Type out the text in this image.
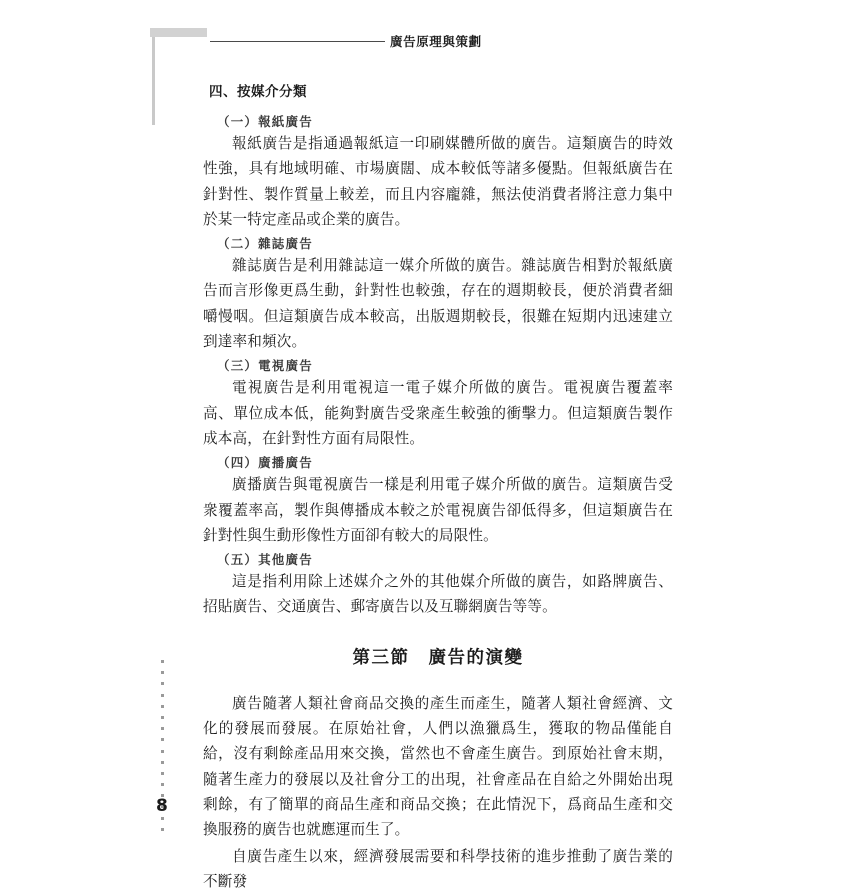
廣告原理與策劃
四、按媒介分類
（一）報紙廣告

報紙廣告是指通過報紙這一印刷媒體所做的廣告。這類廣告的時效性強，具有地域明確、市場廣闊、成本較低等諸多優點。但報紙廣告在針對性、製作質量上較差，而且内容龐雜，無法使消費者將注意力集中於某一特定產品或企業的廣告。

（二）雜誌廣告

雜誌廣告是利用雜誌這一媒介所做的廣告。雜誌廣告相對於報紙廣告而言形像更爲生動，針對性也較強，存在的週期較長，便於消費者細嚼慢咽。但這類廣告成本較高，出版週期較長，很難在短期内迅速建立到達率和頻次。

（三）電視廣告

電視廣告是利用電視這一電子媒介所做的廣告。電視廣告覆蓋率高、單位成本低，能夠對廣告受衆產生較強的衝擊力。但這類廣告製作成本高，在針對性方面有局限性。

（四）廣播廣告

廣播廣告與電視廣告一樣是利用電子媒介所做的廣告。這類廣告受衆覆蓋率高，製作與傳播成本較之於電視廣告卻低得多，但這類廣告在針對性與生動形像性方面卻有較大的局限性。

（五）其他廣告

這是指利用除上述媒介之外的其他媒介所做的廣告，如路牌廣告、招貼廣告、交通廣告、郵寄廣告以及互聯網廣告等等。

第三節　廣告的演變

廣告隨著人類社會商品交換的產生而產生，隨著人類社會經濟、文化的發展而發展。在原始社會，人們以漁獵爲生，獲取的物品僅能自給，沒有剩餘產品用來交換，當然也不會產生廣告。到原始社會末期，隨著生產力的發展以及社會分工的出現，社會產品在自給之外開始出現剩餘，有了簡單的商品生產和商品交換；在此情況下，爲商品生產和交換服務的廣告也就應運而生了。

自廣告產生以來，經濟發展需要和科學技術的進步推動了廣告業的不斷發

8
